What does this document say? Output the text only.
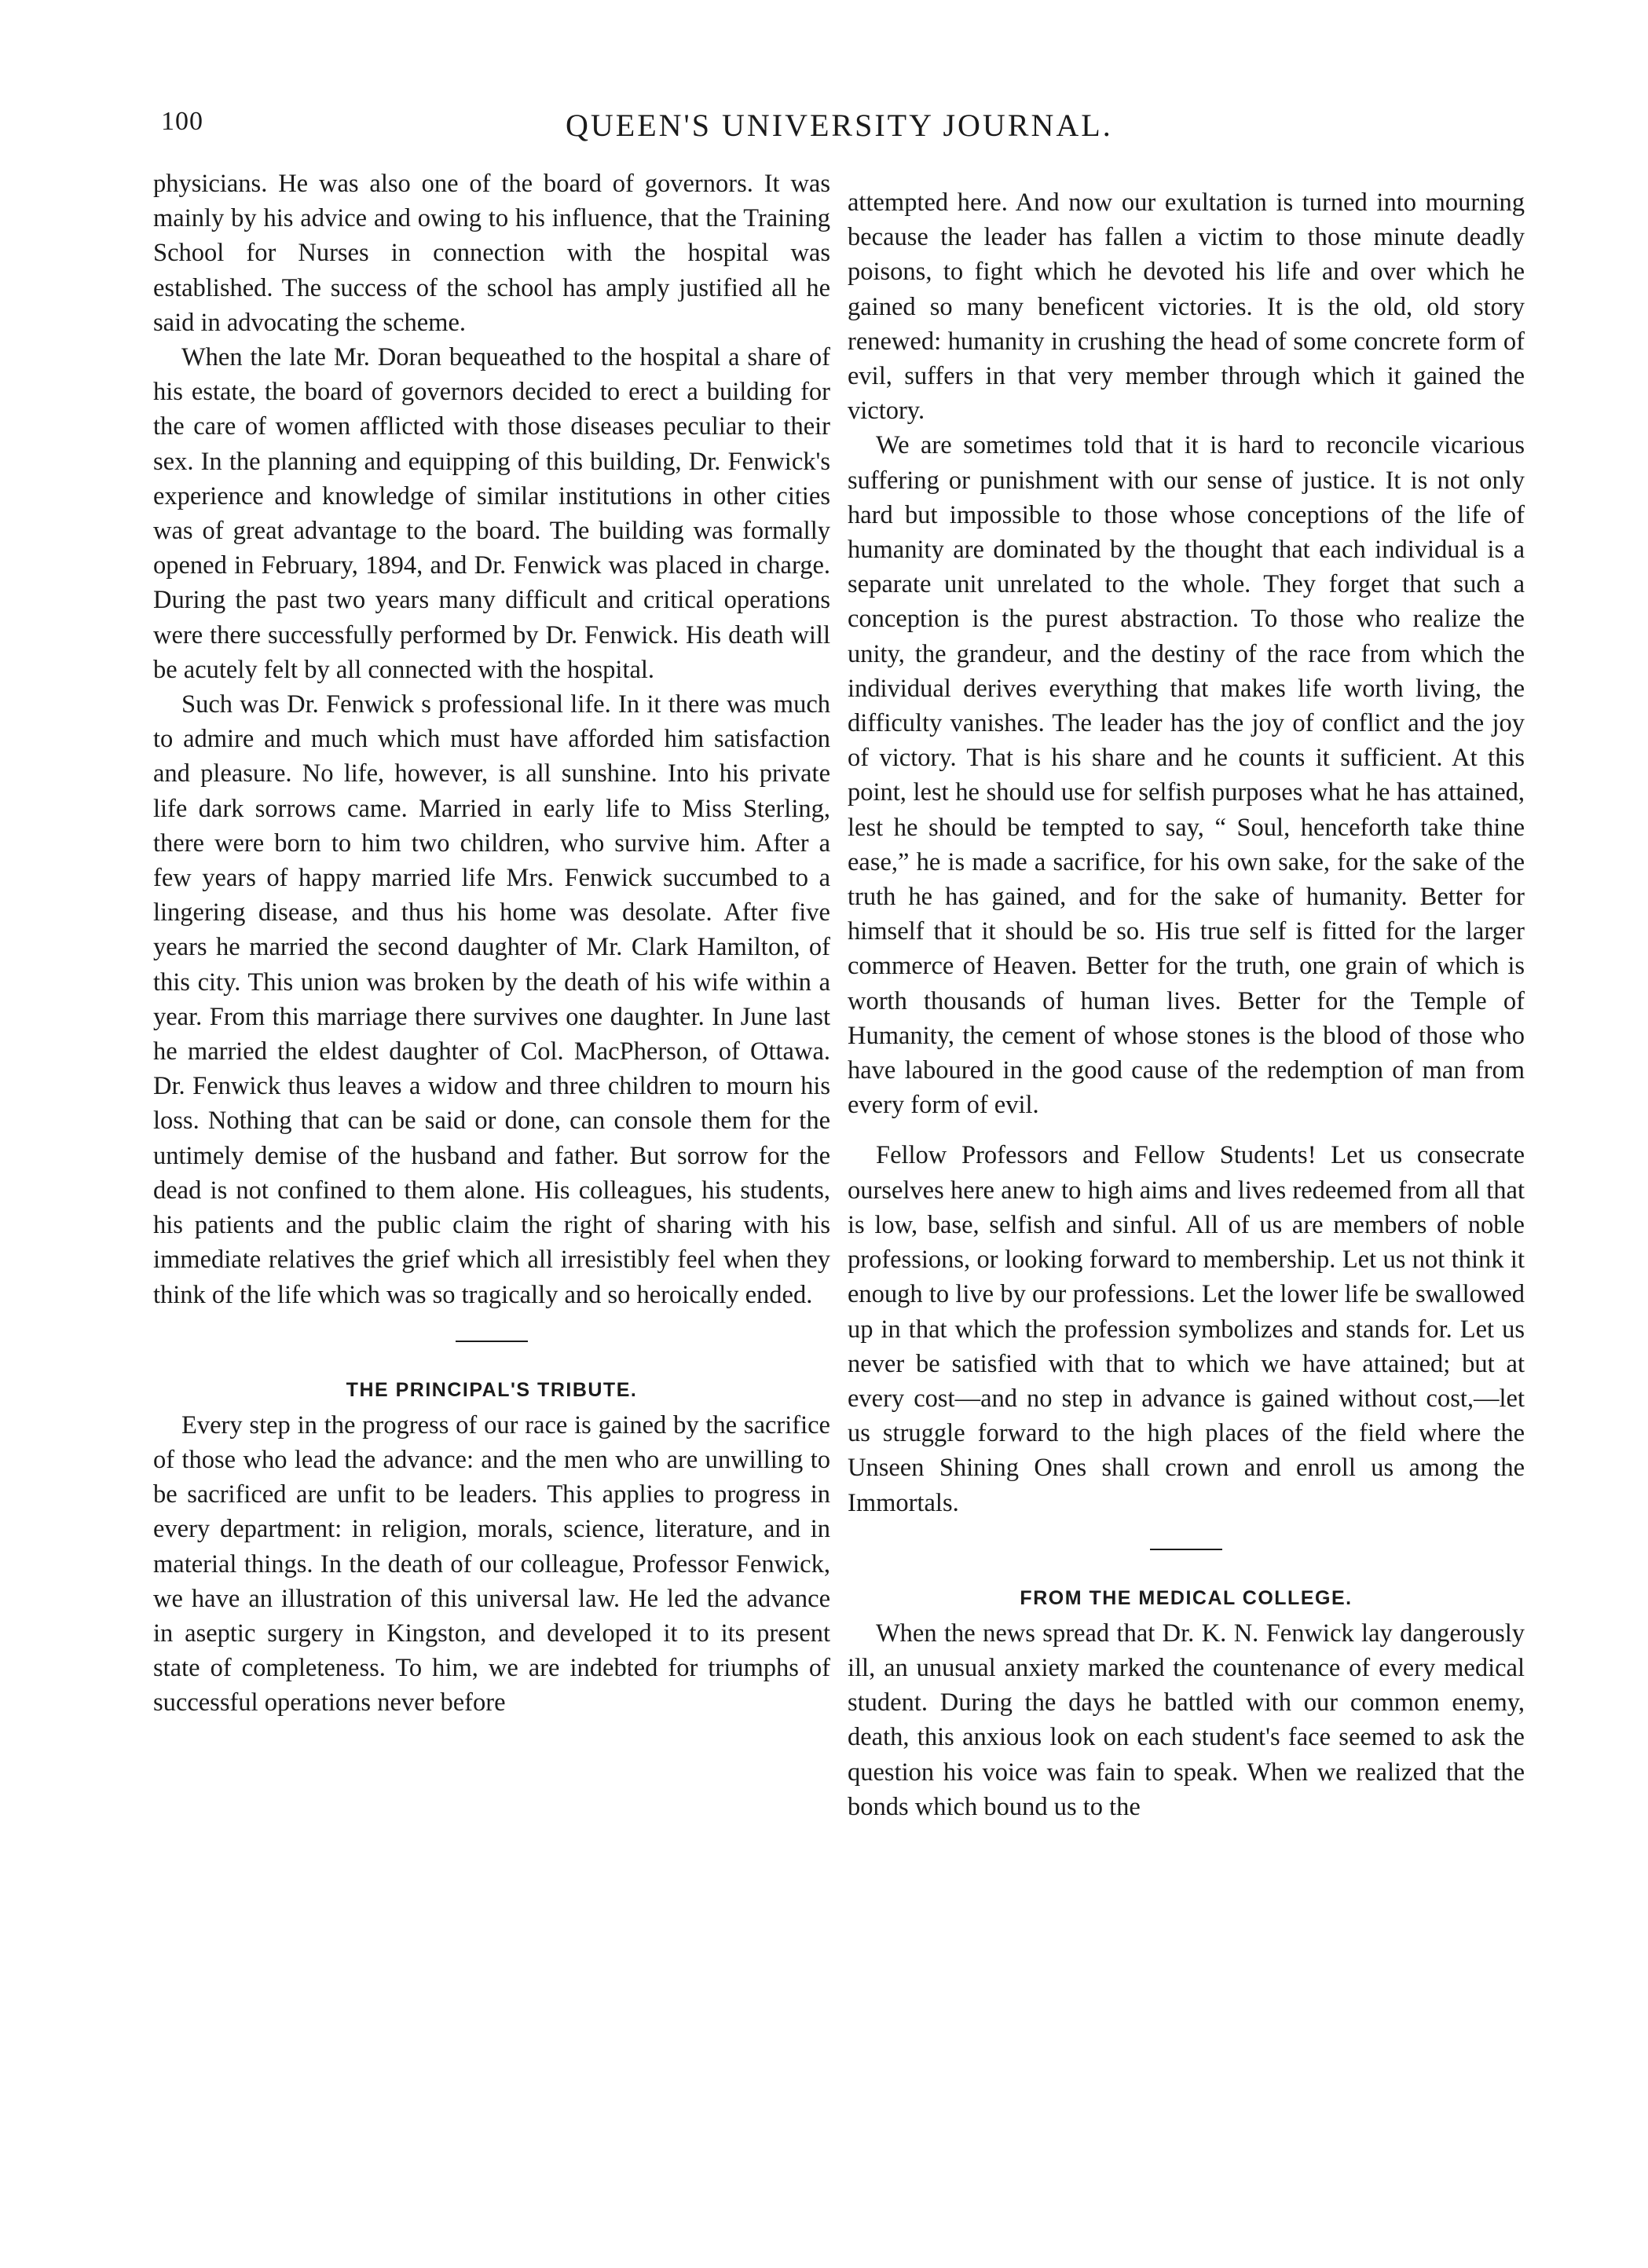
100	QUEEN'S UNIVERSITY JOURNAL.

physicians. He was also one of the board of governors. It was mainly by his advice and owing to his influence, that the Training School for Nurses in connection with the hospital was established. The success of the school has amply justified all he said in advocating the scheme.

When the late Mr. Doran bequeathed to the hospital a share of his estate, the board of governors decided to erect a building for the care of women afflicted with those diseases peculiar to their sex. In the planning and equipping of this building, Dr. Fenwick's experience and knowledge of similar institutions in other cities was of great advantage to the board. The building was formally opened in February, 1894, and Dr. Fenwick was placed in charge. During the past two years many difficult and critical operations were there successfully performed by Dr. Fenwick. His death will be acutely felt by all connected with the hospital.

Such was Dr. Fenwick s professional life. In it there was much to admire and much which must have afforded him satisfaction and pleasure. No life, however, is all sunshine. Into his private life dark sorrows came. Married in early life to Miss Sterling, there were born to him two children, who survive him. After a few years of happy married life Mrs. Fenwick succumbed to a lingering disease, and thus his home was desolate. After five years he married the second daughter of Mr. Clark Hamilton, of this city. This union was broken by the death of his wife within a year. From this marriage there survives one daughter. In June last he married the eldest daughter of Col. MacPherson, of Ottawa. Dr. Fenwick thus leaves a widow and three children to mourn his loss. Nothing that can be said or done, can console them for the untimely demise of the husband and father. But sorrow for the dead is not confined to them alone. His colleagues, his students, his patients and the public claim the right of sharing with his immediate relatives the grief which all irresistibly feel when they think of the life which was so tragically and so heroically ended.

THE PRINCIPAL'S TRIBUTE.

Every step in the progress of our race is gained by the sacrifice of those who lead the advance: and the men who are unwilling to be sacrificed are unfit to be leaders. This applies to progress in every department: in religion, morals, science, literature, and in material things. In the death of our colleague, Professor Fenwick, we have an illustration of this universal law. He led the advance in aseptic surgery in Kingston, and developed it to its present state of completeness. To him, we are indebted for triumphs of successful operations never before

attempted here. And now our exultation is turned into mourning because the leader has fallen a victim to those minute deadly poisons, to fight which he devoted his life and over which he gained so many beneficent victories. It is the old, old story renewed: humanity in crushing the head of some concrete form of evil, suffers in that very member through which it gained the victory.

We are sometimes told that it is hard to reconcile vicarious suffering or punishment with our sense of justice. It is not only hard but impossible to those whose conceptions of the life of humanity are dominated by the thought that each individual is a separate unit unrelated to the whole. They forget that such a conception is the purest abstraction. To those who realize the unity, the grandeur, and the destiny of the race from which the individual derives everything that makes life worth living, the difficulty vanishes. The leader has the joy of conflict and the joy of victory. That is his share and he counts it sufficient. At this point, lest he should use for selfish purposes what he has attained, lest he should be tempted to say, “ Soul, henceforth take thine ease,” he is made a sacrifice, for his own sake, for the sake of the truth he has gained, and for the sake of humanity. Better for himself that it should be so. His true self is fitted for the larger commerce of Heaven. Better for the truth, one grain of which is worth thousands of human lives. Better for the Temple of Humanity, the cement of whose stones is the blood of those who have laboured in the good cause of the redemption of man from every form of evil.

Fellow Professors and Fellow Students! Let us consecrate ourselves here anew to high aims and lives redeemed from all that is low, base, selfish and sinful. All of us are members of noble professions, or looking forward to membership. Let us not think it enough to live by our professions. Let the lower life be swallowed up in that which the profession symbolizes and stands for. Let us never be satisfied with that to which we have attained; but at every cost—and no step in advance is gained without cost,—let us struggle forward to the high places of the field where the Unseen Shining Ones shall crown and enroll us among the Immortals.

FROM THE MEDICAL COLLEGE.

When the news spread that Dr. K. N. Fenwick lay dangerously ill, an unusual anxiety marked the countenance of every medical student. During the days he battled with our common enemy, death, this anxious look on each student's face seemed to ask the question his voice was fain to speak. When we realized that the bonds which bound us to the
